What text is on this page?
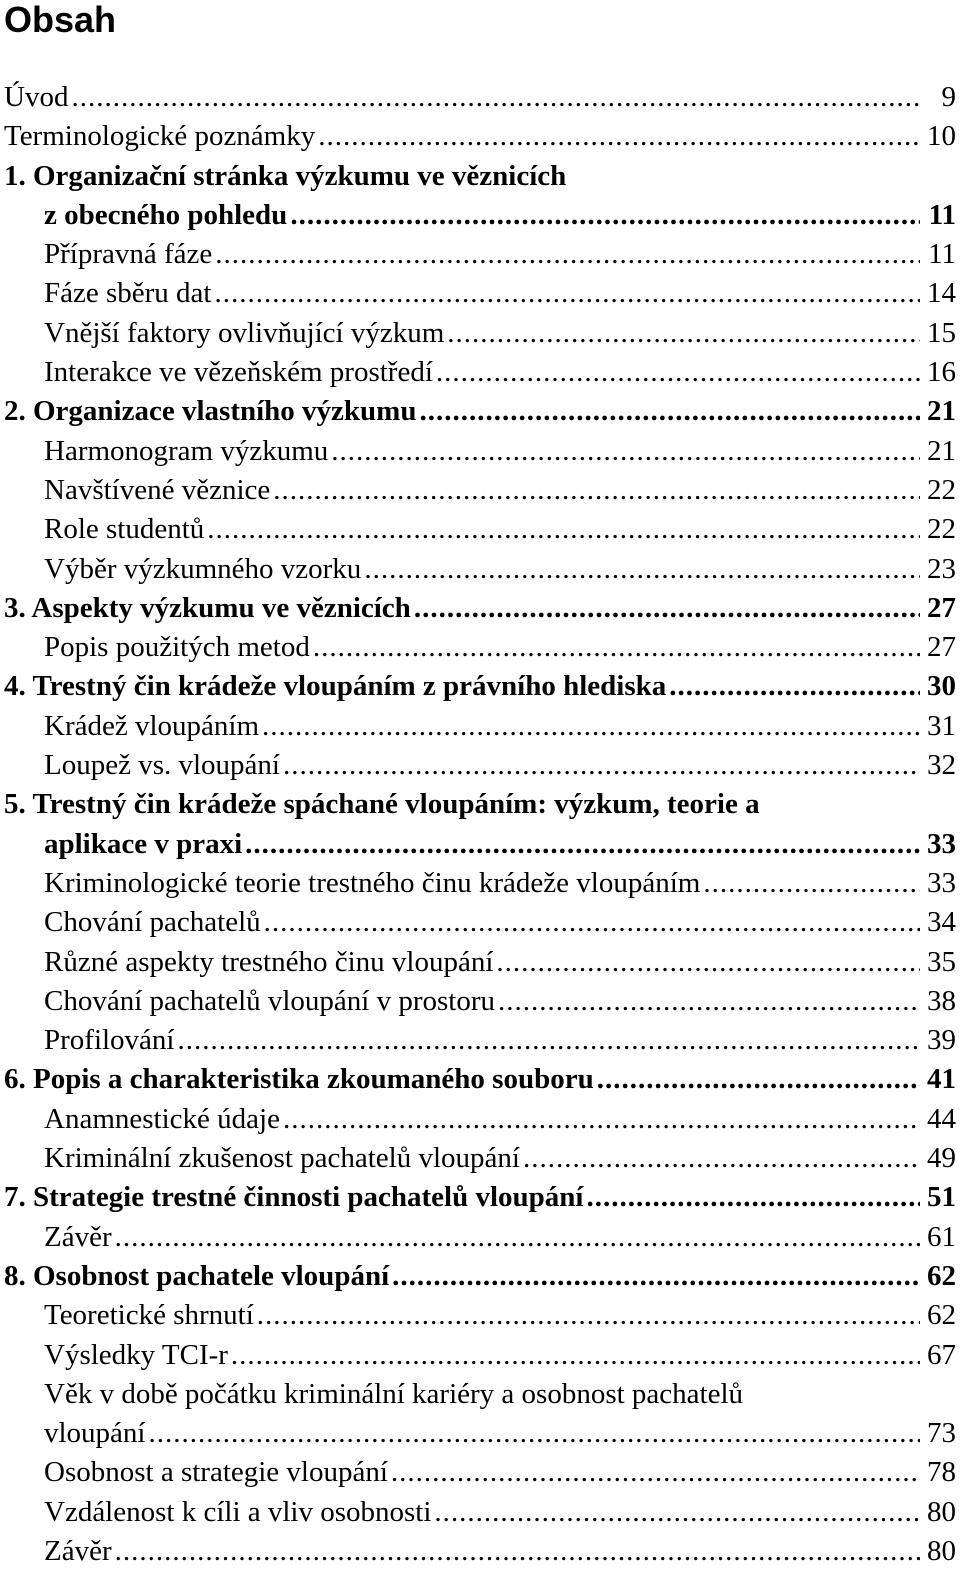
Obsah
Úvod .....	9
Terminologické poznámky .....	10
1. Organizační stránka výzkumu ve věznicích
z obecného pohledu .....	11
Přípravná fáze .....	11
Fáze sběru dat .....	14
Vnější faktory ovlivňující výzkum .....	15
Interakce ve vězeňském prostředí .....	16
2. Organizace vlastního výzkumu .....	21
Harmonogram výzkumu .....	21
Navštívené věznice .....	22
Role studentů .....	22
Výběr výzkumného vzorku .....	23
3. Aspekty výzkumu ve věznicích .....	27
Popis použitých metod .....	27
4. Trestný čin krádeže vloupáním z právního hlediska .....	30
Krádež vloupáním .....	31
Loupež vs. vloupání .....	32
5. Trestný čin krádeže spáchané vloupáním: výzkum, teorie a
aplikace v praxi .....	33
Kriminologické teorie trestného činu krádeže vloupáním .....	33
Chování pachatelů .....	34
Různé aspekty trestného činu vloupání .....	35
Chování pachatelů vloupání v prostoru .....	38
Profilování .....	39
6. Popis a charakteristika zkoumaného souboru .....	41
Anamnestické údaje .....	44
Kriminální zkušenost pachatelů vloupání .....	49
7. Strategie trestné činnosti pachatelů vloupání .....	51
Závěr .....	61
8. Osobnost pachatele vloupání .....	62
Teoretické shrnutí .....	62
Výsledky TCI-r .....	67
Věk v době počátku kriminální kariéry a osobnost pachatelů
vloupání .....	73
Osobnost a strategie vloupání .....	78
Vzdálenost k cíli a vliv osobnosti .....	80
Závěr .....	80
